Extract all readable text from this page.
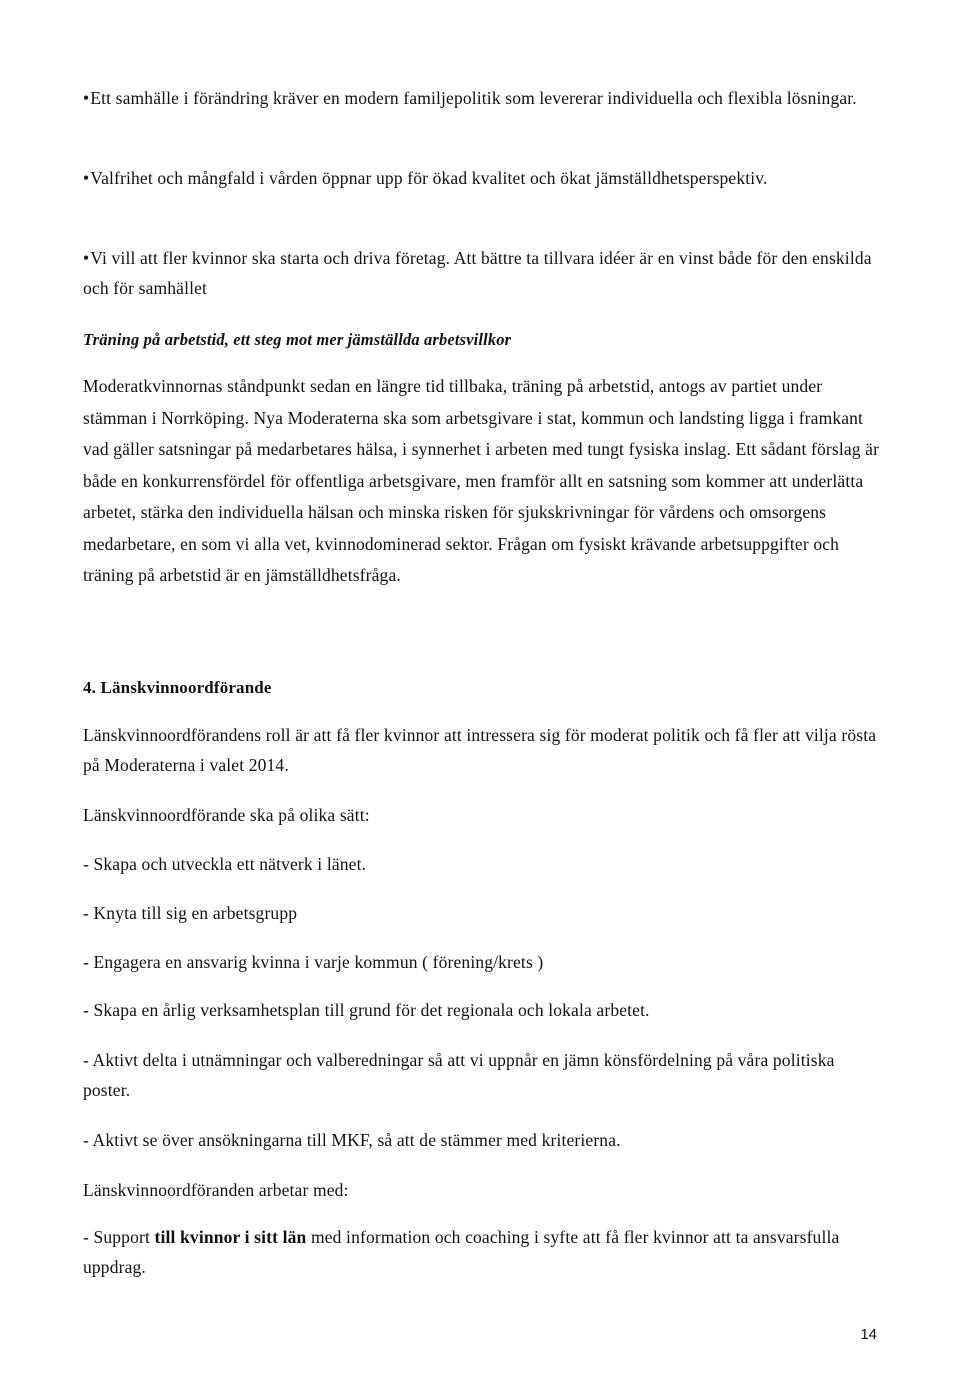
•Ett samhälle i förändring kräver en modern familjepolitik som levererar individuella och flexibla lösningar.

•Valfrihet och mångfald i vården öppnar upp för ökad kvalitet och ökat jämställdhetsperspektiv.

•Vi vill att fler kvinnor ska starta och driva företag. Att bättre ta tillvara idéer är en vinst både för den enskilda och för samhället

Träning på arbetstid, ett steg mot mer jämställda arbetsvillkor

Moderatkvinnornas ståndpunkt sedan en längre tid tillbaka, träning på arbetstid, antogs av partiet under stämman i Norrköping. Nya Moderaterna ska som arbetsgivare i stat, kommun och landsting ligga i framkant vad gäller satsningar på medarbetares hälsa, i synnerhet i arbeten med tungt fysiska inslag. Ett sådant förslag är både en konkurrensfördel för offentliga arbetsgivare, men framför allt en satsning som kommer att underlätta arbetet, stärka den individuella hälsan och minska risken för sjukskrivningar för vårdens och omsorgens medarbetare, en som vi alla vet, kvinnodominerad sektor. Frågan om fysiskt krävande arbetsuppgifter och träning på arbetstid är en jämställdhetsfråga.

4. Länskvinnoordförande

Länskvinnoordförandens roll är att få fler kvinnor att intressera sig för moderat politik och få fler att vilja rösta på Moderaterna i valet 2014.

Länskvinnoordförande ska på olika sätt:

- Skapa och utveckla ett nätverk i länet.

- Knyta till sig en arbetsgrupp

- Engagera en ansvarig kvinna i varje kommun ( förening/krets )

- Skapa en årlig verksamhetsplan till grund för det regionala och lokala arbetet.

- Aktivt delta i utnämningar och valberedningar så att vi uppnår en jämn könsfördelning på våra politiska poster.

- Aktivt se över ansökningarna till MKF, så att de stämmer med kriterierna.

Länskvinnoordföranden arbetar med:

- Support till kvinnor i sitt län med information och coaching i syfte att få fler kvinnor att ta ansvarsfulla uppdrag.

14
